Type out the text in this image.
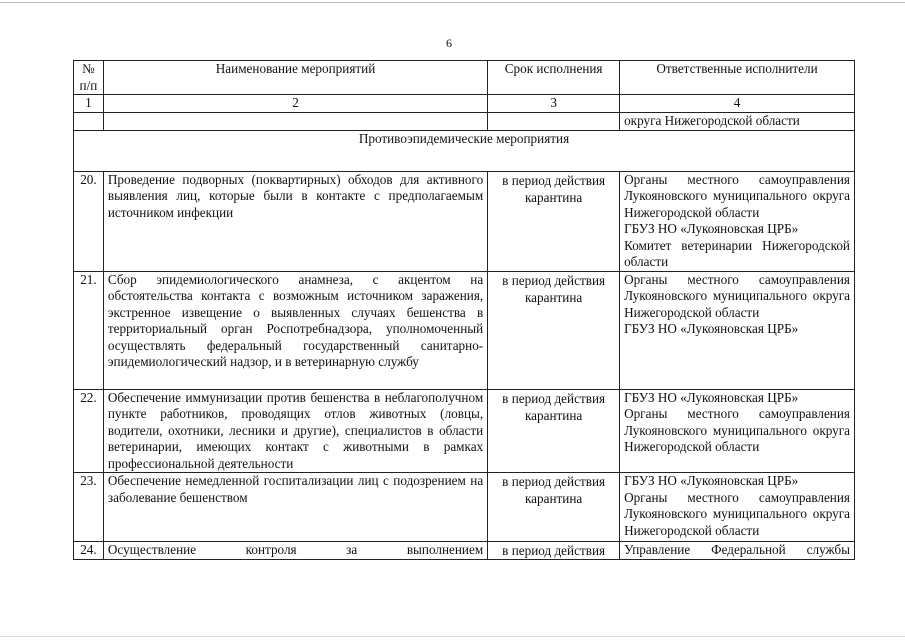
6
№ п/п	Наименование мероприятий	Срок исполнения	Ответственные исполнители
1	2	3	4
			округа Нижегородской области
Противоэпидемические мероприятия			
20.	Проведение подворных (поквартирных) обходов для активного выявления лиц, которые были в контакте с предполагаемым источником инфекции	в период действия карантина	Органы местного самоуправления Лукояновского муниципального округа Нижегородской области
ГБУЗ НО «Лукояновская ЦРБ»
Комитет ветеринарии Нижегородской области

21.	Сбор эпидемиологического анамнеза, с акцентом на обстоятельства контакта с возможным источником заражения, экстренное извещение о выявленных случаях бешенства в территориальный орган Роспотребнадзора, уполномоченный осуществлять федеральный государственный санитарно-эпидемиологический надзор, и в ветеринарную службу	в период действия карантина	Органы местного самоуправления Лукояновского муниципального округа Нижегородской области
ГБУЗ НО «Лукояновская ЦРБ»

22.	Обеспечение иммунизации против бешенства в неблагополучном пункте работников, проводящих отлов животных (ловцы, водители, охотники, лесники и другие), специалистов в области ветеринарии, имеющих контакт с животными в рамках профессиональной деятельности	в период действия карантина	ГБУЗ НО «Лукояновская ЦРБ»
Органы местного самоуправления Лукояновского муниципального округа Нижегородской области

23.	Обеспечение немедленной госпитализации лиц с подозрением на заболевание бешенством	в период действия карантина	ГБУЗ НО «Лукояновская ЦРБ»
Органы местного самоуправления Лукояновского муниципального округа Нижегородской области

24.	Осуществление контроля за выполнением	в период действия	Управление Федеральной службы
